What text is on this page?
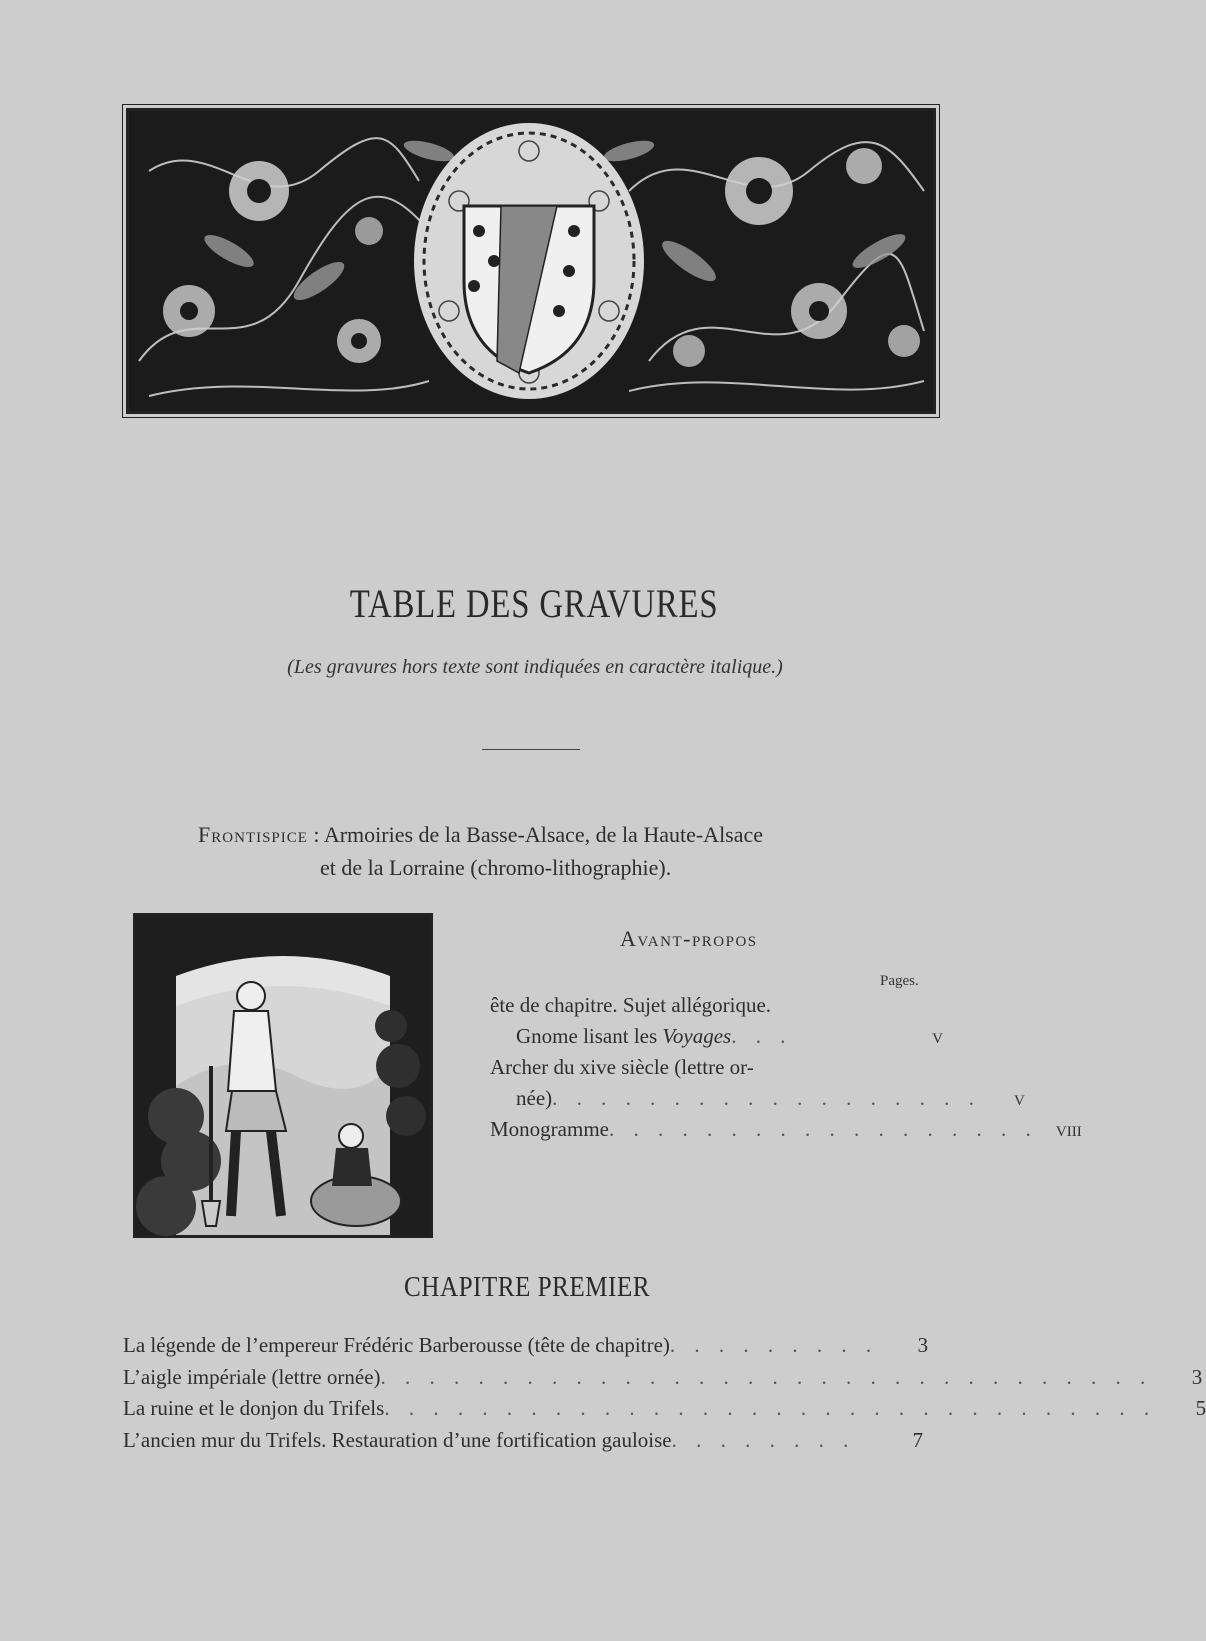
TABLE DES GRAVURES
(Les gravures hors texte sont indiquées en caractère italique.)
Frontispice : Armoiries de la Basse-Alsace, de la Haute-Alsace
et de la Lorraine (chromo-lithographie).
Avant-propos
Pages.
ête de chapitre. Sujet allégorique.
Gnome lisant les Voyages . . .	v
Archer du xive siècle (lettre or-
née) . . . . . . . . . . . . . . . . . .	v
Monogramme . . . . . . . . . . . . . . . . . . viii
CHAPITRE PREMIER
La légende de l’empereur Frédéric Barberousse (tête de chapitre) . . . . . . . . .	3
L’aigle impériale (lettre ornée) . . . . . . . . . . . . . . . . . . . . . . . . . . . . . . . .	3
La ruine et le donjon du Trifels . . . . . . . . . . . . . . . . . . . . . . . . . . . . . . . .	5
L’ancien mur du Trifels. Restauration d’une fortification gauloise . . . . . . . .	7
